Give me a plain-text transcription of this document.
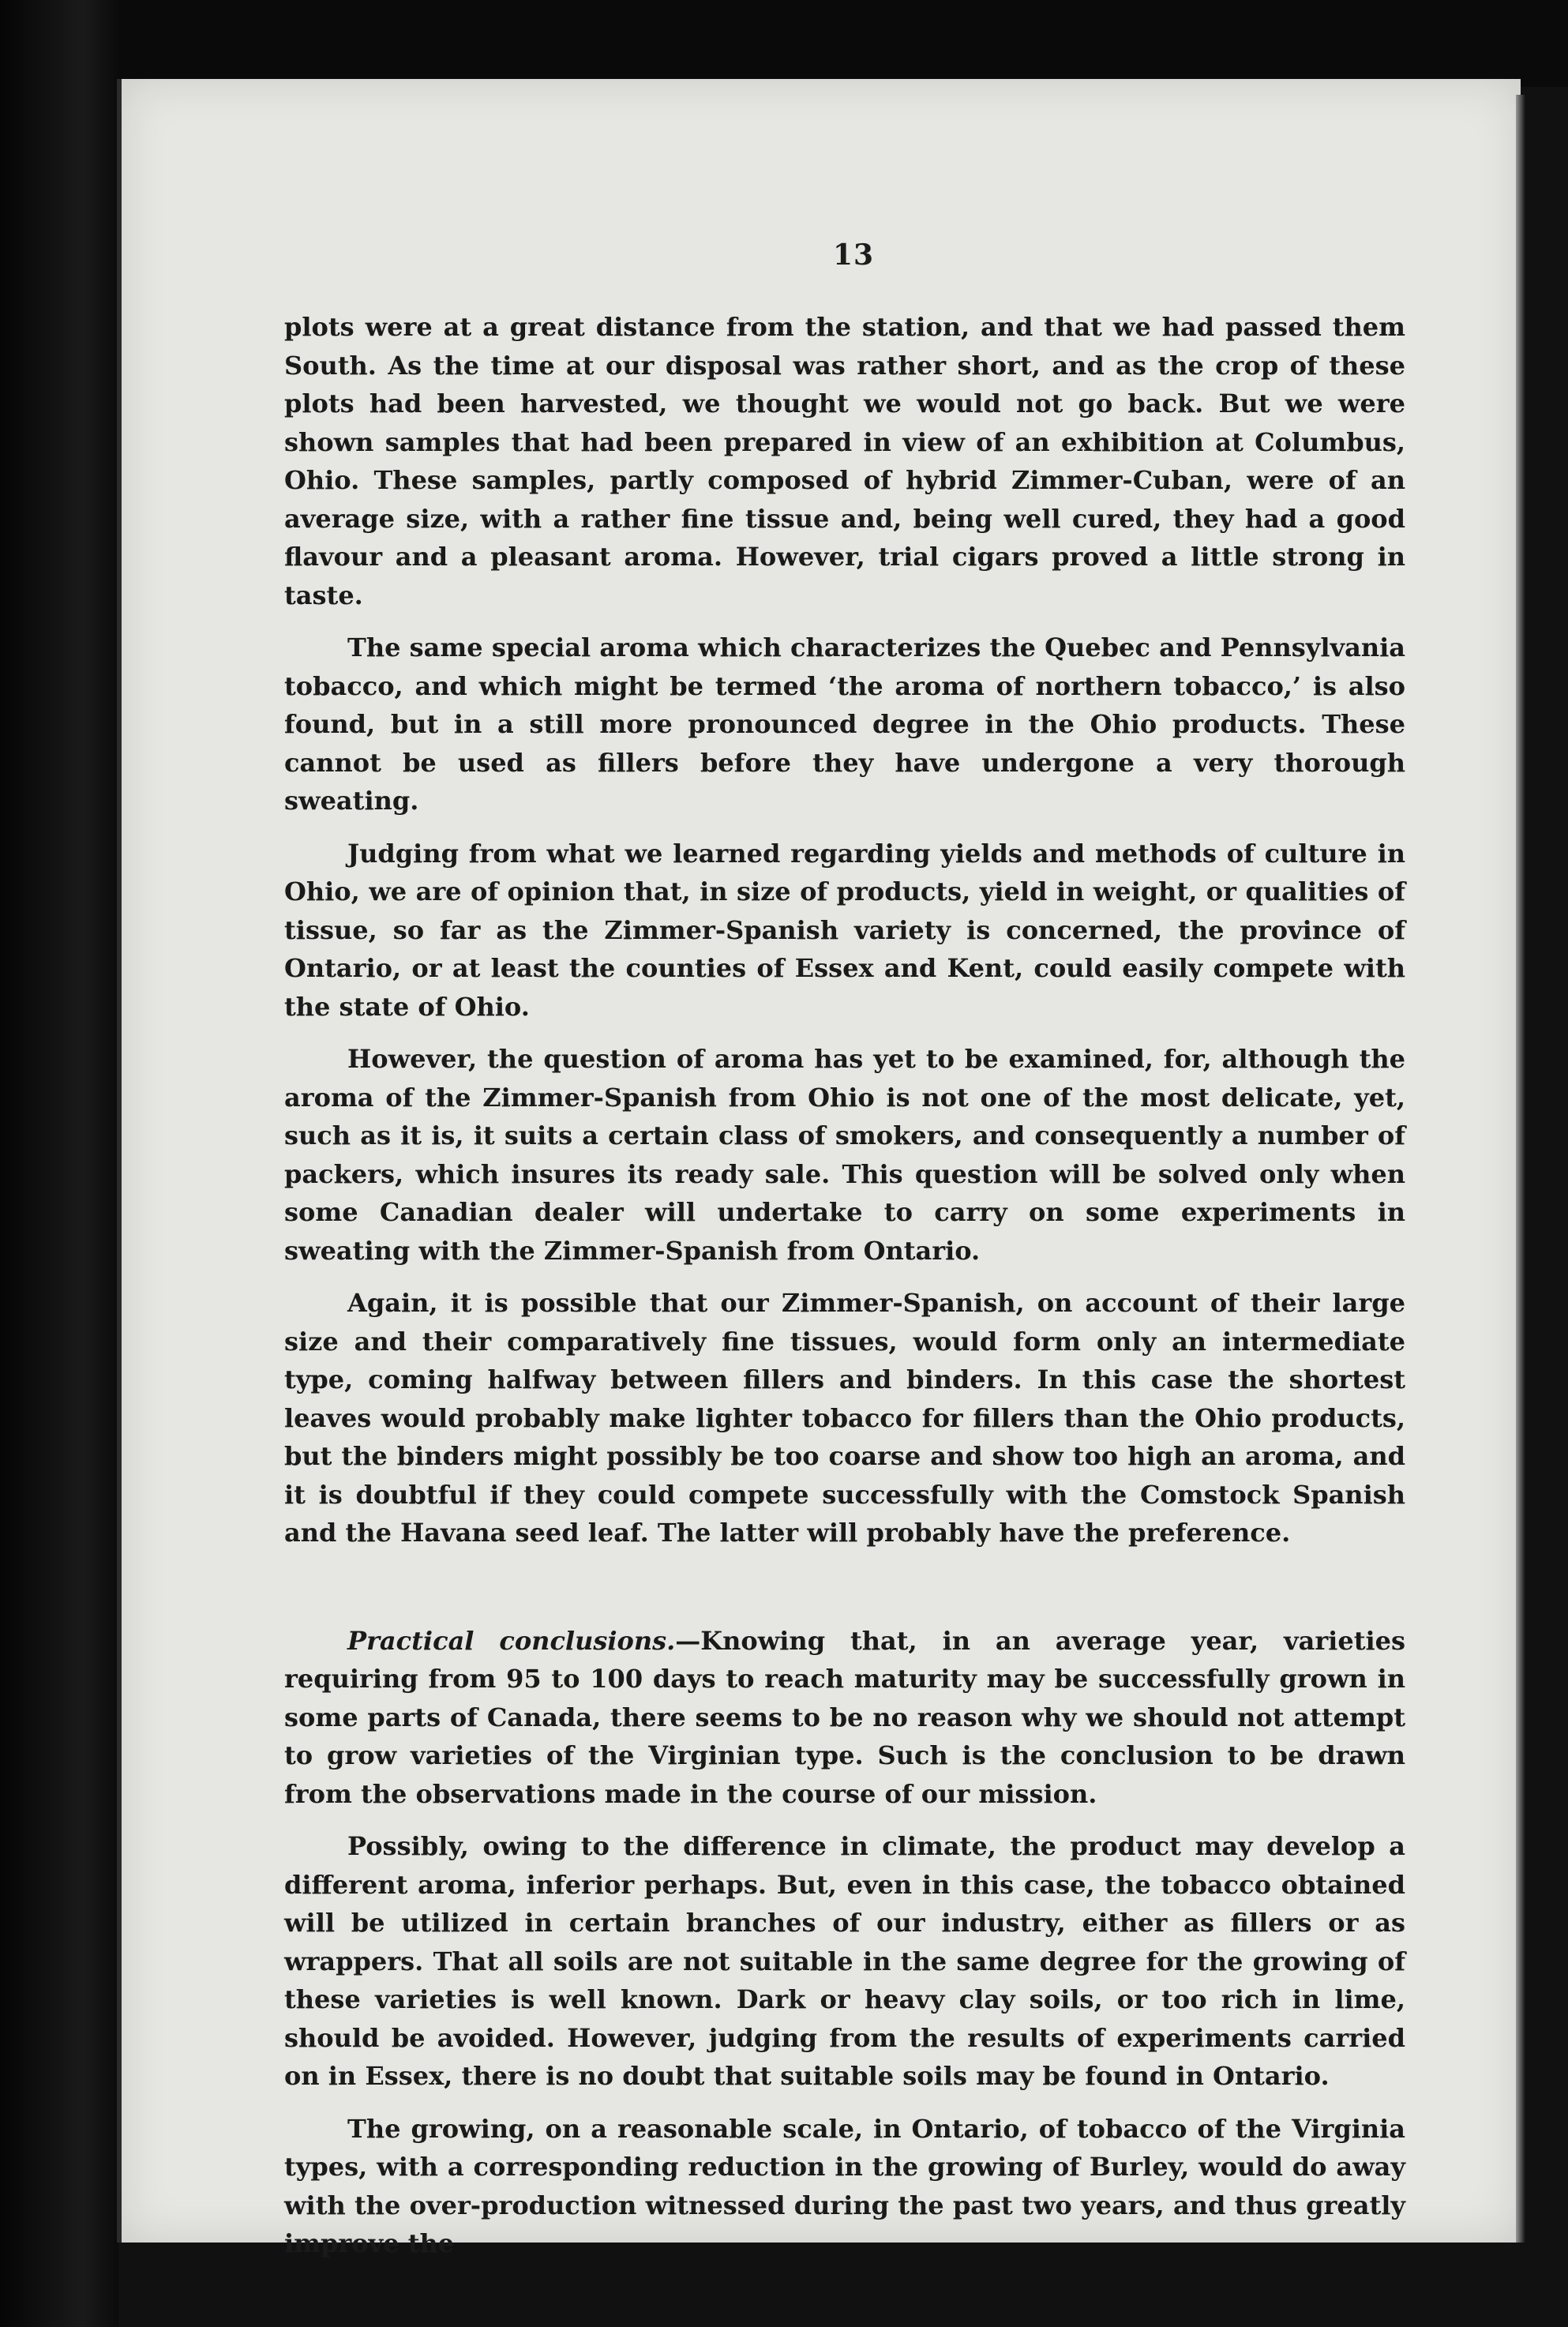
13

plots were at a great distance from the station, and that we had passed them South. As the time at our disposal was rather short, and as the crop of these plots had been harvested, we thought we would not go back. But we were shown samples that had been prepared in view of an exhibition at Columbus, Ohio. These samples, partly composed of hybrid Zimmer-Cuban, were of an average size, with a rather fine tissue and, being well cured, they had a good flavour and a pleasant aroma. However, trial cigars proved a little strong in taste.

The same special aroma which characterizes the Quebec and Pennsylvania tobacco, and which might be termed ‘the aroma of northern tobacco,’ is also found, but in a still more pronounced degree in the Ohio products. These cannot be used as fillers before they have undergone a very thorough sweating.

Judging from what we learned regarding yields and methods of culture in Ohio, we are of opinion that, in size of products, yield in weight, or qualities of tissue, so far as the Zimmer-Spanish variety is concerned, the province of Ontario, or at least the counties of Essex and Kent, could easily compete with the state of Ohio.

However, the question of aroma has yet to be examined, for, although the aroma of the Zimmer-Spanish from Ohio is not one of the most delicate, yet, such as it is, it suits a certain class of smokers, and consequently a number of packers, which insures its ready sale. This question will be solved only when some Canadian dealer will undertake to carry on some experiments in sweating with the Zimmer-Spanish from Ontario.

Again, it is possible that our Zimmer-Spanish, on account of their large size and their comparatively fine tissues, would form only an intermediate type, coming halfway between fillers and binders. In this case the shortest leaves would probably make lighter tobacco for fillers than the Ohio products, but the binders might possibly be too coarse and show too high an aroma, and it is doubtful if they could compete successfully with the Comstock Spanish and the Havana seed leaf. The latter will probably have the preference.

Practical conclusions.—Knowing that, in an average year, varieties requiring from 95 to 100 days to reach maturity may be successfully grown in some parts of Canada, there seems to be no reason why we should not attempt to grow varieties of the Virginian type. Such is the conclusion to be drawn from the observations made in the course of our mission.

Possibly, owing to the difference in climate, the product may develop a different aroma, inferior perhaps. But, even in this case, the tobacco obtained will be utilized in certain branches of our industry, either as fillers or as wrappers. That all soils are not suitable in the same degree for the growing of these varieties is well known. Dark or heavy clay soils, or too rich in lime, should be avoided. However, judging from the results of experiments carried on in Essex, there is no doubt that suitable soils may be found in Ontario.

The growing, on a reasonable scale, in Ontario, of tobacco of the Virginia types, with a corresponding reduction in the growing of Burley, would do away with the over-production witnessed during the past two years, and thus greatly improve the
